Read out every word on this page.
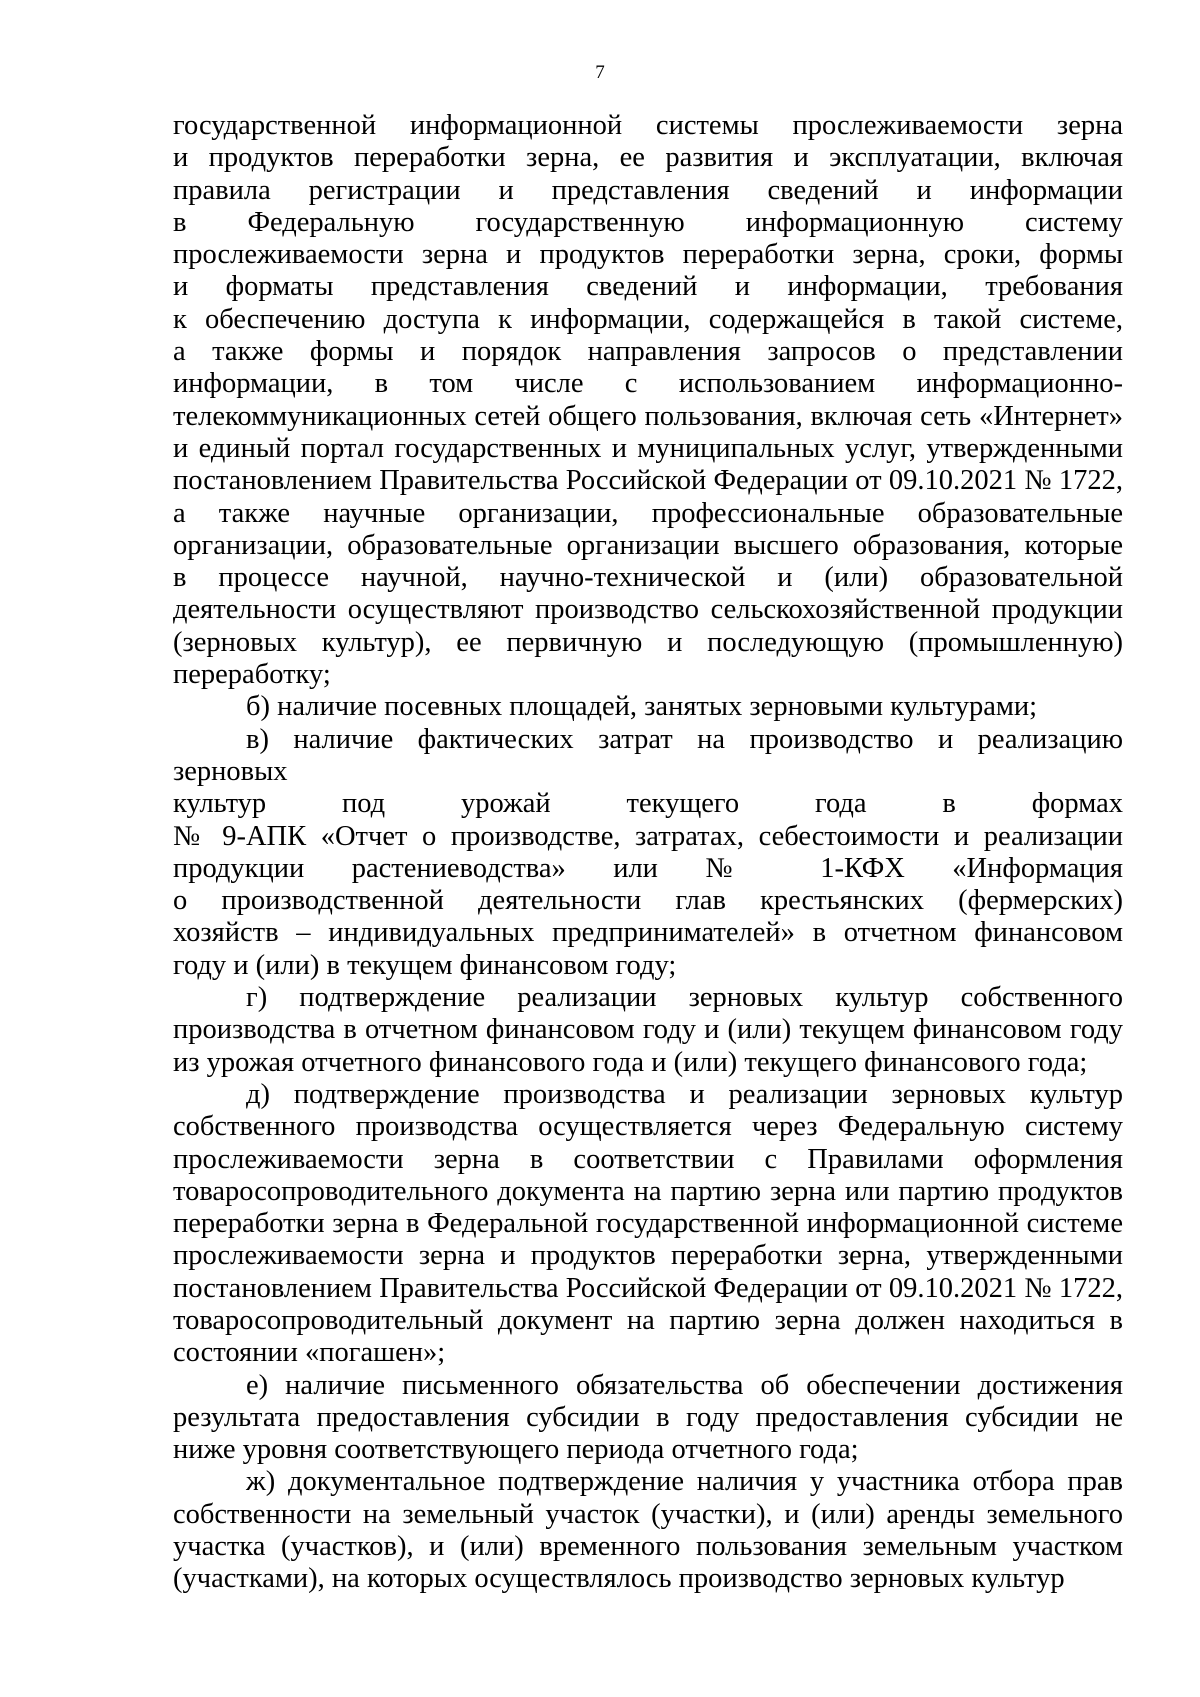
7

государственной информационной системы прослеживаемости зерна
и продуктов переработки зерна, ее развития и эксплуатации, включая
правила регистрации и представления сведений и информации
в Федеральную государственную информационную систему
прослеживаемости зерна и продуктов переработки зерна, сроки, формы
и форматы представления сведений и информации, требования
к обеспечению доступа к информации, содержащейся в такой системе,
а также формы и порядок направления запросов о представлении
информации, в том числе с использованием информационно-
телекоммуникационных сетей общего пользования, включая сеть «Интернет»
и единый портал государственных и муниципальных услуг, утвержденными
постановлением Правительства Российской Федерации от 09.10.2021 № 1722,
а также научные организации, профессиональные образовательные
организации, образовательные организации высшего образования, которые
в процессе научной, научно-технической и (или) образовательной
деятельности осуществляют производство сельскохозяйственной продукции
(зерновых культур), ее первичную и последующую (промышленную)
переработку;

б) наличие посевных площадей, занятых зерновыми культурами;

в) наличие фактических затрат на производство и реализацию зерновых
культур под урожай текущего года в формах
№ 9-АПК «Отчет о производстве, затратах, себестоимости и реализации
продукции растениеводства» или № 1-КФХ «Информация
о производственной деятельности глав крестьянских (фермерских)
хозяйств – индивидуальных предпринимателей» в отчетном финансовом
году и (или) в текущем финансовом году;

г) подтверждение реализации зерновых культур собственного
производства в отчетном финансовом году и (или) текущем финансовом году
из урожая отчетного финансового года и (или) текущего финансового года;

д) подтверждение производства и реализации зерновых культур
собственного производства осуществляется через Федеральную систему
прослеживаемости зерна в соответствии с Правилами оформления
товаросопроводительного документа на партию зерна или партию продуктов
переработки зерна в Федеральной государственной информационной системе
прослеживаемости зерна и продуктов переработки зерна, утвержденными
постановлением Правительства Российской Федерации от 09.10.2021 № 1722,
товаросопроводительный документ на партию зерна должен находиться в
состоянии «погашен»;

е) наличие письменного обязательства об обеспечении достижения
результата предоставления субсидии в году предоставления субсидии не
ниже уровня соответствующего периода отчетного года;

ж) документальное подтверждение наличия у участника отбора прав
собственности на земельный участок (участки), и (или) аренды земельного
участка (участков), и (или) временного пользования земельным участком
(участками), на которых осуществлялось производство зерновых культур
